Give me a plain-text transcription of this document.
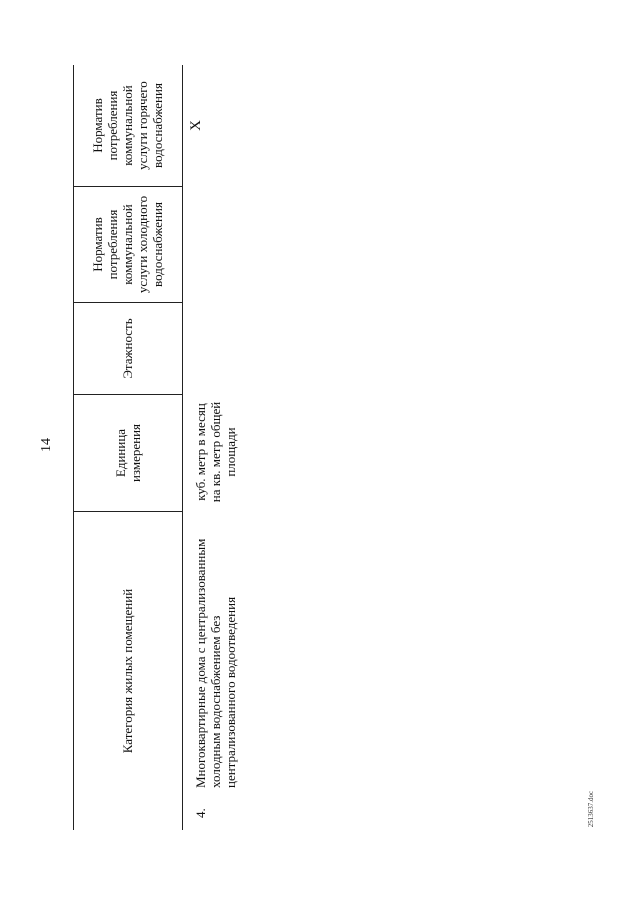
14
Категория жилых помещений
Единица измерения
Этажность
Норматив потребления коммунальной услуги холодного водоснабжения
Норматив потребления коммунальной услуги горячего водоснабжения
4.
Многоквартирные дома с централизованным холодным водоснабжением без централизованного водоотведения
куб. метр в месяц на кв. метр общей площади
X
2513637.doc
